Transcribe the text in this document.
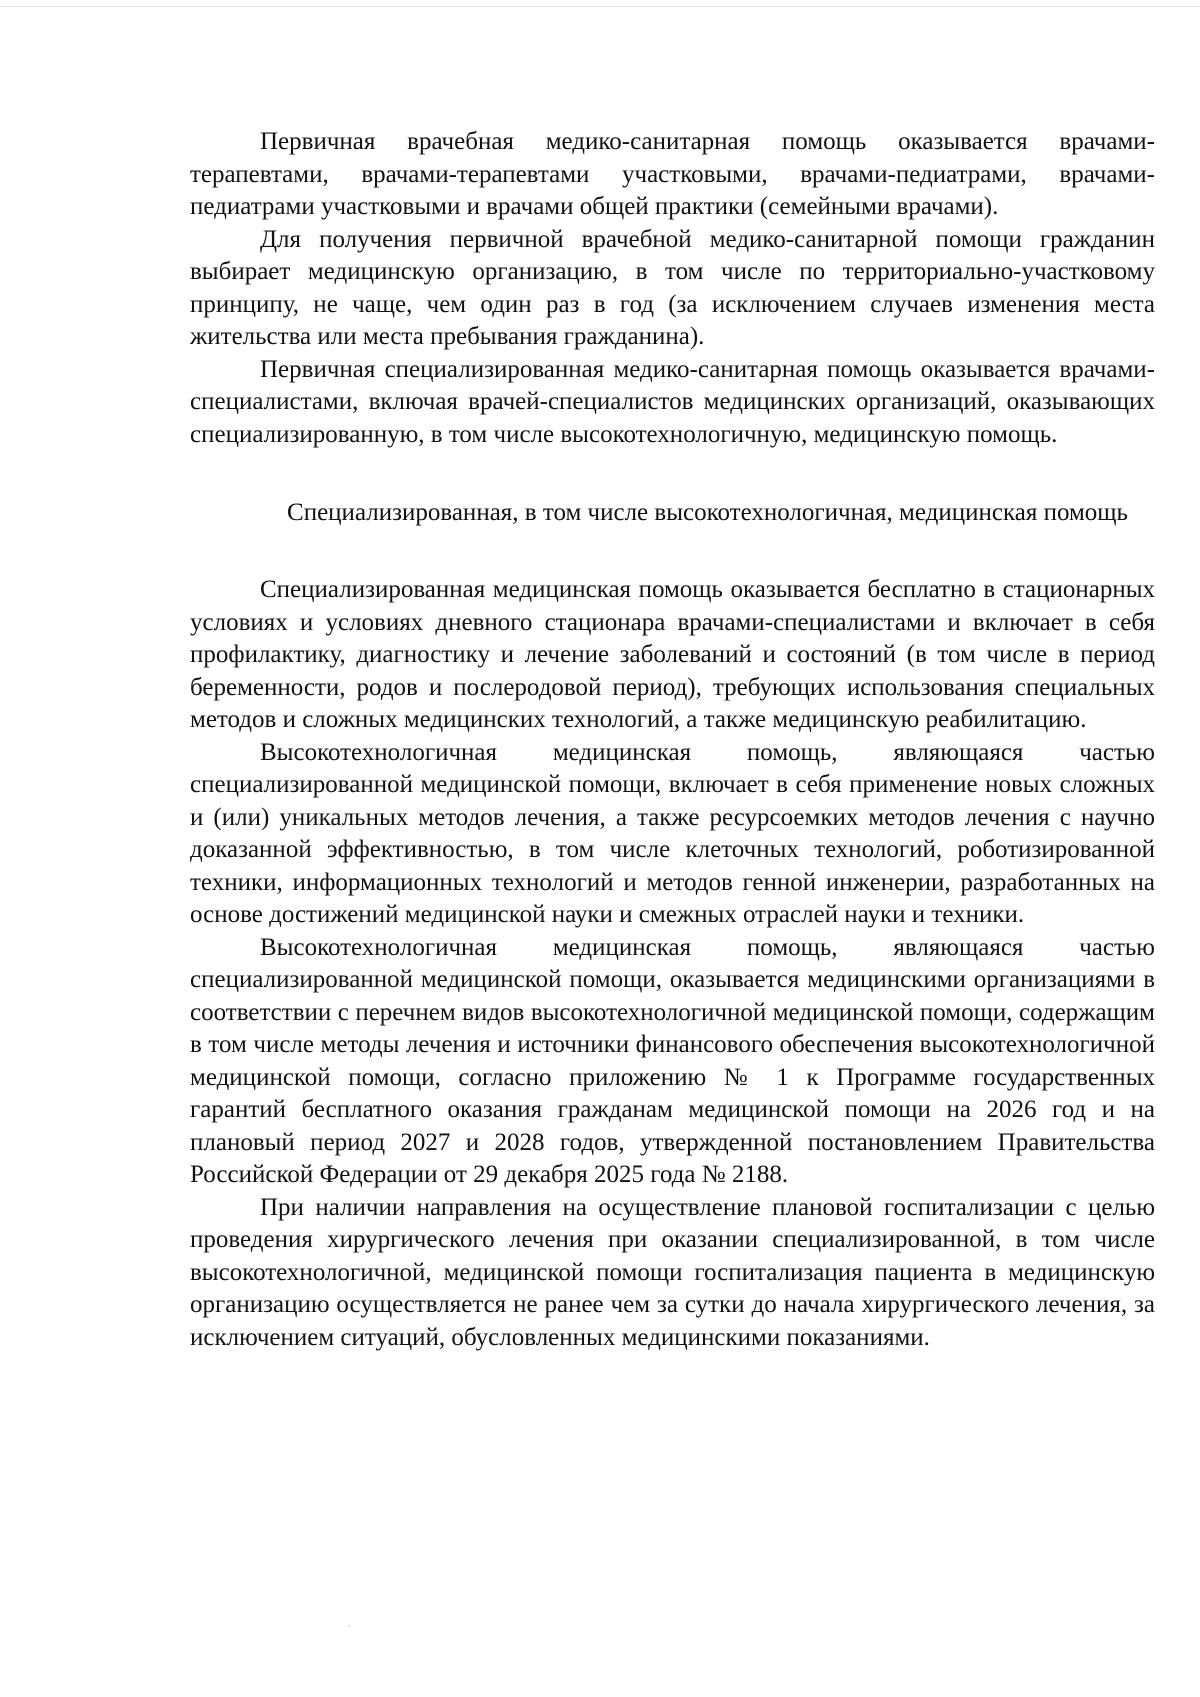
Первичная врачебная медико-санитарная помощь оказывается врачами-терапевтами, врачами-терапевтами участковыми, врачами-педиатрами, врачами-педиатрами участковыми и врачами общей практики (семейными врачами).

Для получения первичной врачебной медико-санитарной помощи гражданин выбирает медицинскую организацию, в том числе по территориально-участковому принципу, не чаще, чем один раз в год (за исключением случаев изменения места жительства или места пребывания гражданина).

Первичная специализированная медико-санитарная помощь оказывается врачами-специалистами, включая врачей-специалистов медицинских организаций, оказывающих специализированную, в том числе высокотехнологичную, медицинскую помощь.

Специализированная, в том числе высокотехнологичная, медицинская помощь

Специализированная медицинская помощь оказывается бесплатно в стационарных условиях и условиях дневного стационара врачами-специалистами и включает в себя профилактику, диагностику и лечение заболеваний и состояний (в том числе в период беременности, родов и послеродовой период), требующих использования специальных методов и сложных медицинских технологий, а также медицинскую реабилитацию.

Высокотехнологичная медицинская помощь, являющаяся частью специализированной медицинской помощи, включает в себя применение новых сложных и (или) уникальных методов лечения, а также ресурсоемких методов лечения с научно доказанной эффективностью, в том числе клеточных технологий, роботизированной техники, информационных технологий и методов генной инженерии, разработанных на основе достижений медицинской науки и смежных отраслей науки и техники.

Высокотехнологичная медицинская помощь, являющаяся частью специализированной медицинской помощи, оказывается медицинскими организациями в соответствии с перечнем видов высокотехнологичной медицинской помощи, содержащим в том числе методы лечения и источники финансового обеспечения высокотехнологичной медицинской помощи, согласно приложению № 1 к Программе государственных гарантий бесплатного оказания гражданам медицинской помощи на 2026 год и на плановый период 2027 и 2028 годов, утвержденной постановлением Правительства Российской Федерации от 29 декабря 2025 года № 2188.

При наличии направления на осуществление плановой госпитализации с целью проведения хирургического лечения при оказании специализированной, в том числе высокотехнологичной, медицинской помощи госпитализация пациента в медицинскую организацию осуществляется не ранее чем за сутки до начала хирургического лечения, за исключением ситуаций, обусловленных медицинскими показаниями.
